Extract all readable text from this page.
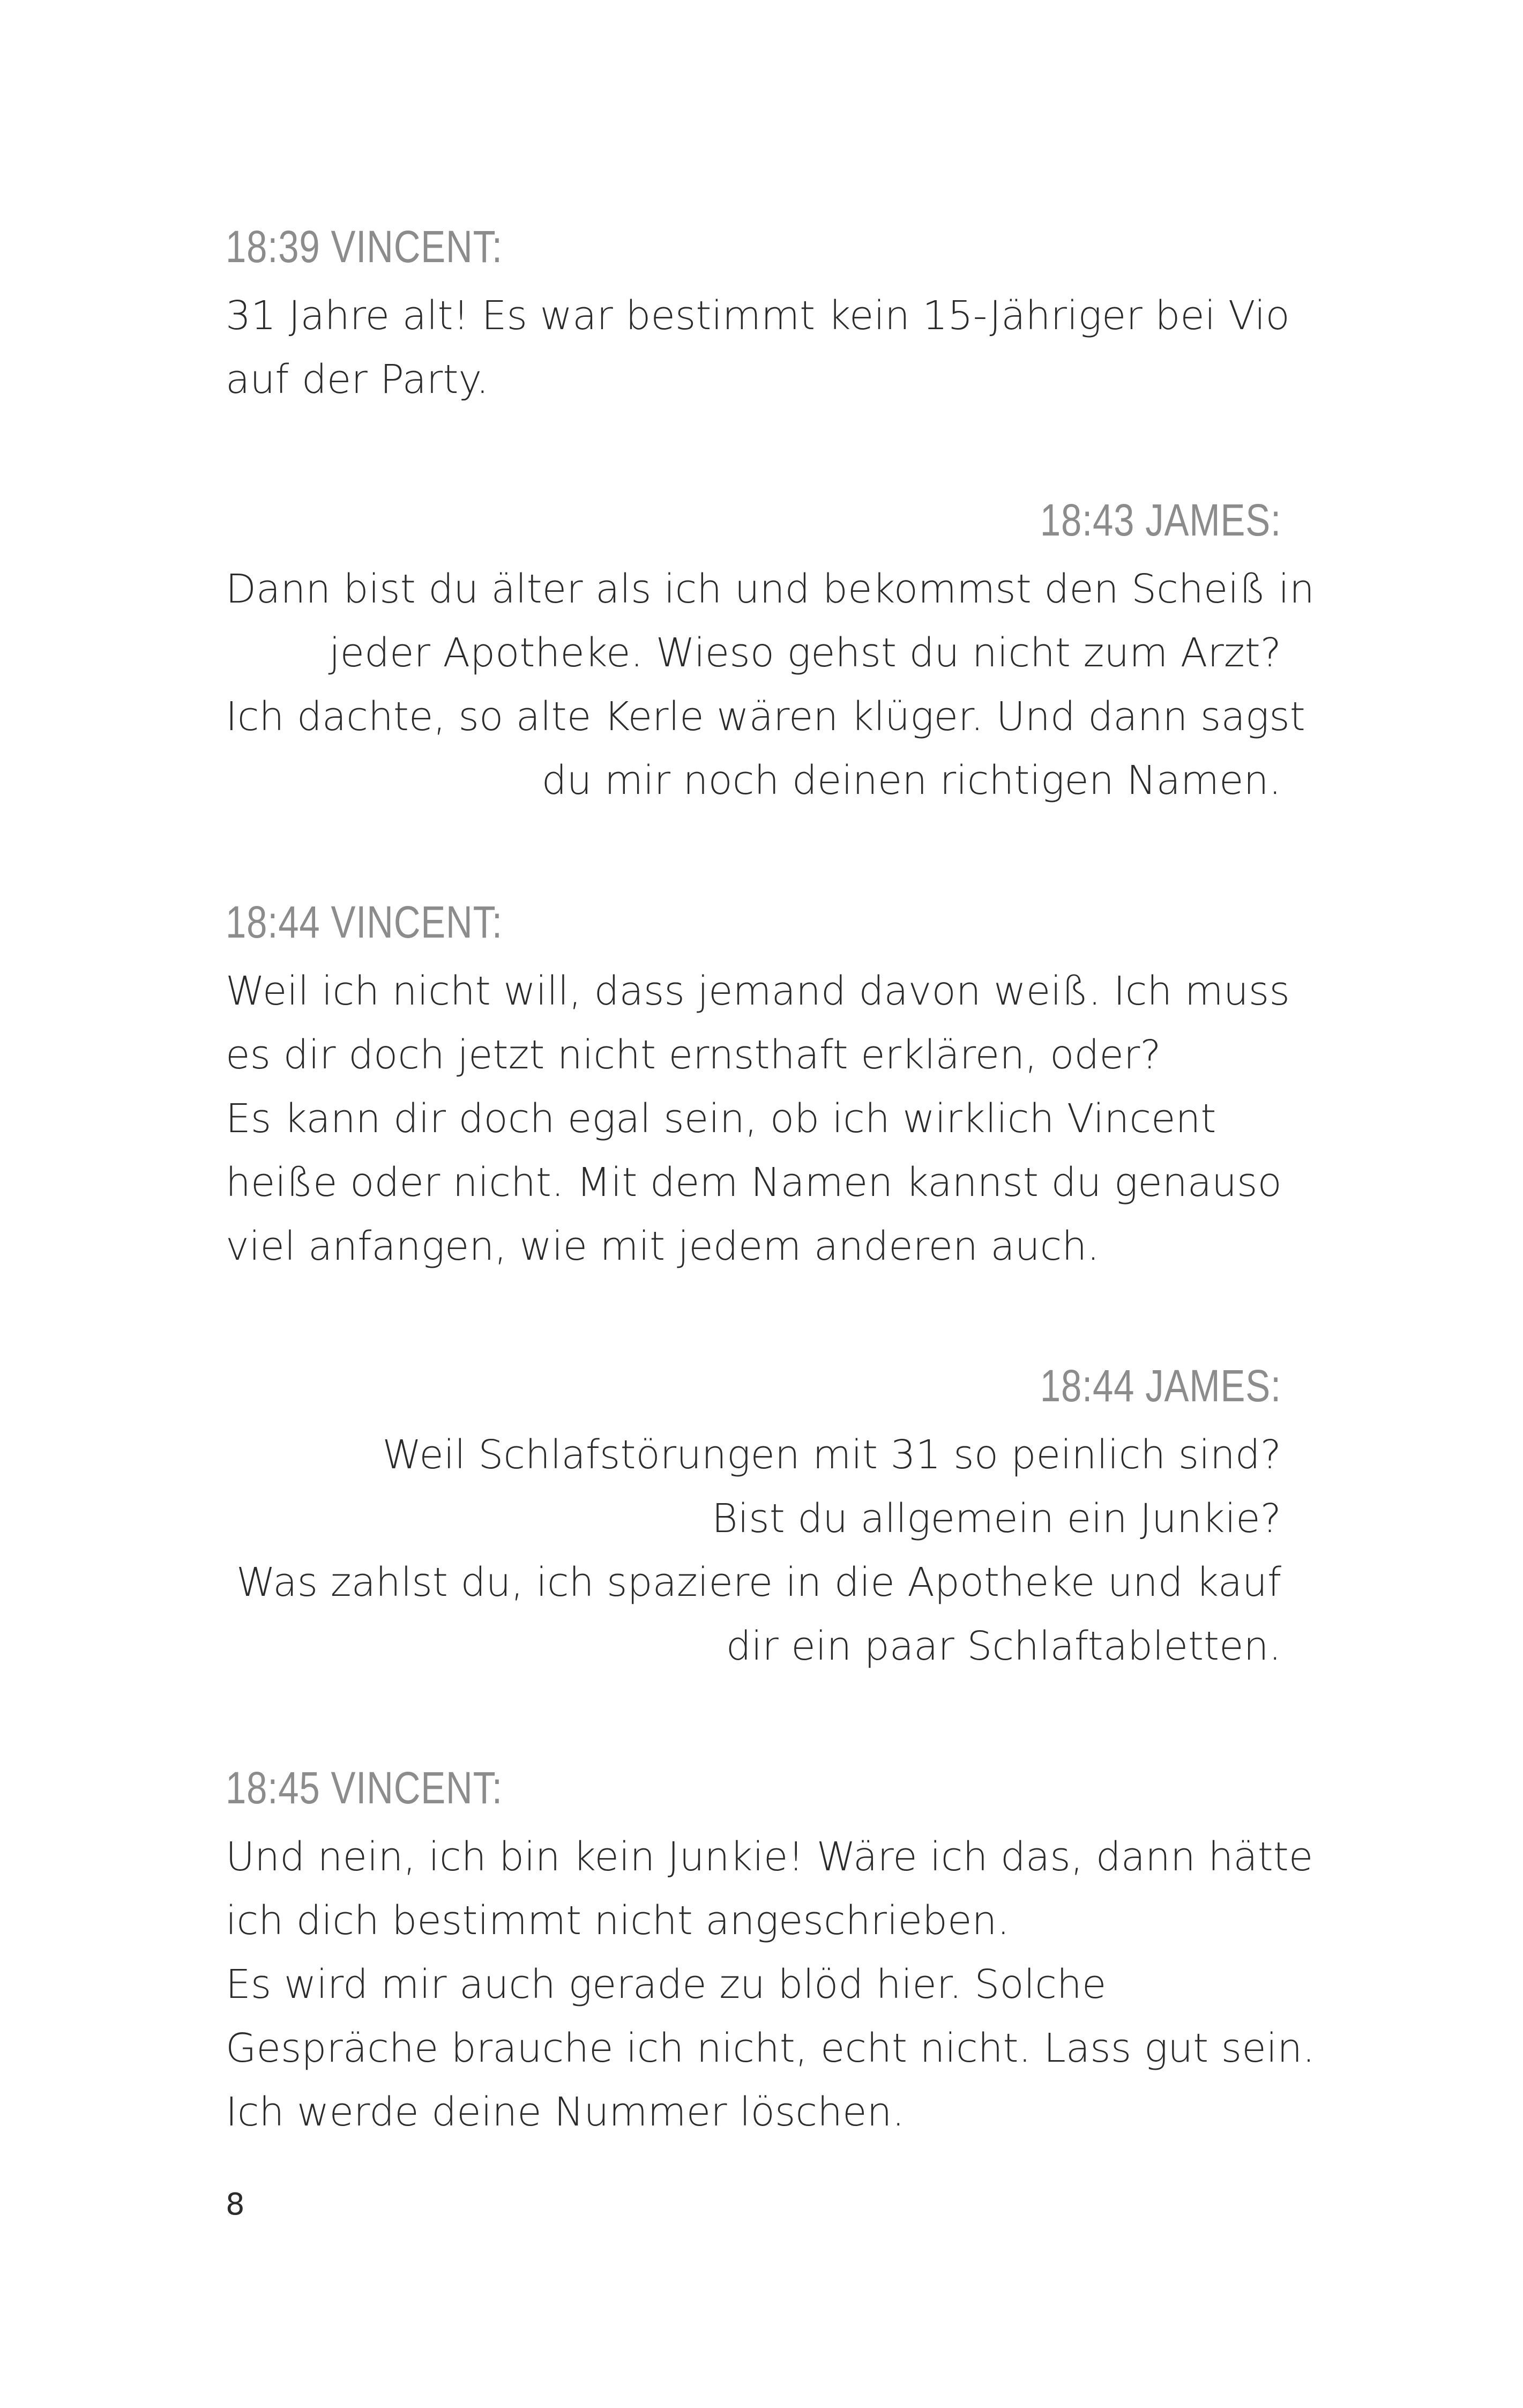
18:39 VINCENT:
31 Jahre alt! Es war bestimmt kein 15-Jähriger bei Vio
auf der Party.
18:43 JAMES:
Dann bist du älter als ich und bekommst den Scheiß in
jeder Apotheke. Wieso gehst du nicht zum Arzt?
Ich dachte, so alte Kerle wären klüger. Und dann sagst
du mir noch deinen richtigen Namen.
18:44 VINCENT:
Weil ich nicht will, dass jemand davon weiß. Ich muss
es dir doch jetzt nicht ernsthaft erklären, oder?
Es kann dir doch egal sein, ob ich wirklich Vincent
heiße oder nicht. Mit dem Namen kannst du genauso
viel anfangen, wie mit jedem anderen auch.
18:44 JAMES:
Weil Schlafstörungen mit 31 so peinlich sind?
Bist du allgemein ein Junkie?
Was zahlst du, ich spaziere in die Apotheke und kauf
dir ein paar Schlaftabletten.
18:45 VINCENT:
Und nein, ich bin kein Junkie! Wäre ich das, dann hätte
ich dich bestimmt nicht angeschrieben.
Es wird mir auch gerade zu blöd hier. Solche
Gespräche brauche ich nicht, echt nicht. Lass gut sein.
Ich werde deine Nummer löschen.
8
